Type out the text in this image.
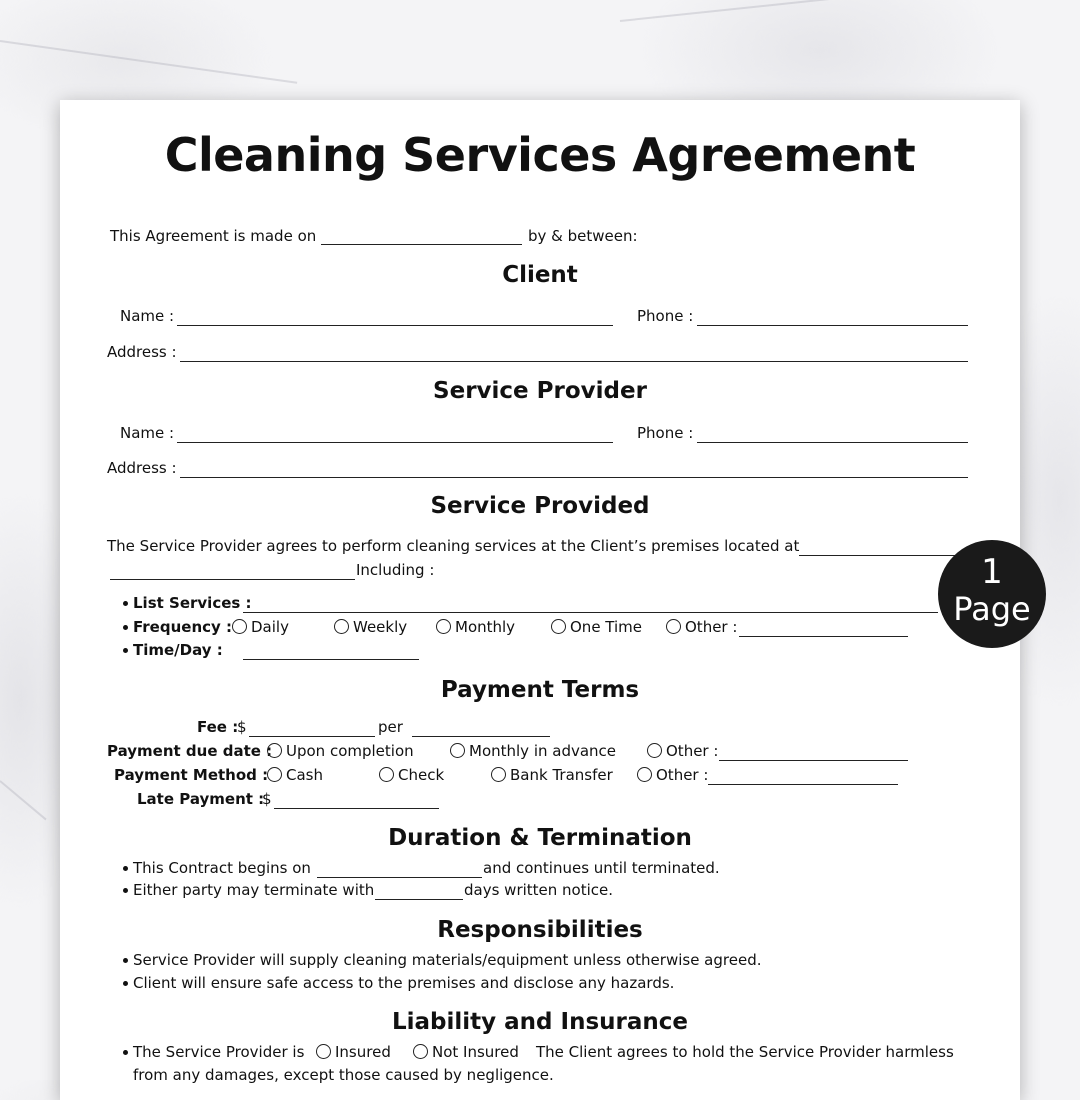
Cleaning Services Agreement
This Agreement is made on	by & between:
Client
Name :	Phone :
Address :
Service Provider
Name :	Phone :
Address :
Service Provided
The Service Provider agrees to perform cleaning services at the Client’s premises located at
Including :
List Services :
Frequency : Daily	Weekly	Monthly	One Time	Other :
Time/Day :
Payment Terms
Fee :
$	per
Payment due date : Upon completion	Monthly in advance	Other :
Payment Method : Cash	Check	Bank Transfer	Other :
Late Payment :
$
Duration & Termination
This Contract begins on	and continues until terminated.
Either party may terminate with	days written notice.
Responsibilities
Service Provider will supply cleaning materials/equipment unless otherwise agreed.
Client will ensure safe access to the premises and disclose any hazards.
Liability and Insurance
The Service Provider is Insured	Not Insured The Client agrees to hold the Service Provider harmless
from any damages, except those caused by negligence.
1
Page
